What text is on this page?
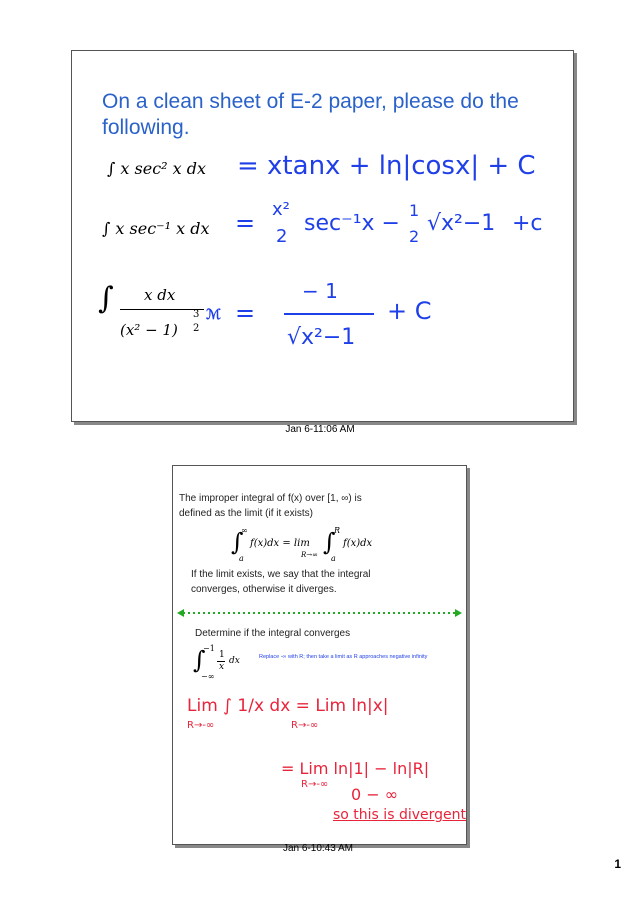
On a clean sheet of E-2 paper, please do the following.
∫ x sec² x dx = xtanx + ln|cosx| + C
∫ x sec⁻¹ x dx
x²
2
sec⁻¹x −
1
2
√x²−1 +c
=
∫ x dx
(x² − 1)
3
2
ℳ =
− 1
√x²−1
+ C
Jan 6-11:06 AM
The improper integral of f(x) over [1, ∞) is
defined as the limit (if it exists)
∫
∞
a
f(x)dx = lim
R→∞ ∫
R
a
f(x)dx
If the limit exists, we say that the integral
converges, otherwise it diverges.
Determine if the integral converges
∫
−1
−∞
1
x
dx	Replace -∞ with R; then take a limit as R approaches negative infinity
Lim ∫ 1/x dx = Lim ln|x|
R→-∞	R→-∞
= Lim ln|1| − ln|R|
R→-∞
0 − ∞
so this is divergent
Jan 6-10:43 AM
1
